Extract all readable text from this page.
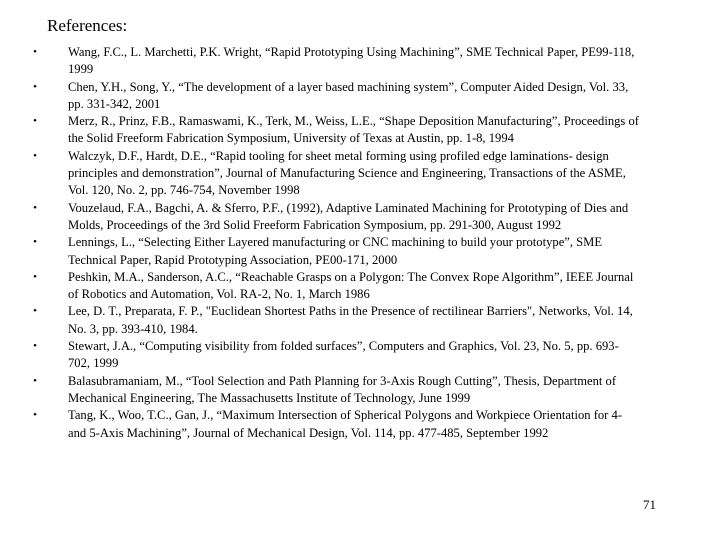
References:
• Wang, F.C., L. Marchetti, P.K. Wright, “Rapid Prototyping Using Machining”, SME Technical Paper, PE99-118, 1999
• Chen, Y.H., Song, Y., “The development of a layer based machining system”, Computer Aided Design, Vol. 33, pp. 331-342, 2001
• Merz, R., Prinz, F.B., Ramaswami, K., Terk, M., Weiss, L.E., “Shape Deposition Manufacturing”, Proceedings of the Solid Freeform Fabrication Symposium, University of Texas at Austin, pp. 1-8, 1994
• Walczyk, D.F., Hardt, D.E., “Rapid tooling for sheet metal forming using profiled edge laminations- design principles and demonstration”, Journal of Manufacturing Science and Engineering, Transactions of the ASME, Vol. 120, No. 2, pp. 746-754, November 1998
• Vouzelaud, F.A., Bagchi, A. & Sferro, P.F., (1992), Adaptive Laminated Machining for Prototyping of Dies and Molds, Proceedings of the 3rd Solid Freeform Fabrication Symposium, pp. 291-300, August 1992
• Lennings, L., “Selecting Either Layered manufacturing or CNC machining to build your prototype”, SME Technical Paper, Rapid Prototyping Association, PE00-171, 2000
• Peshkin, M.A., Sanderson, A.C., “Reachable Grasps on a Polygon: The Convex Rope Algorithm”, IEEE Journal of Robotics and Automation, Vol. RA-2, No. 1, March 1986
• Lee, D. T., Preparata, F. P., "Euclidean Shortest Paths in the Presence of rectilinear Barriers", Networks, Vol. 14, No. 3, pp. 393-410, 1984.
• Stewart, J.A., “Computing visibility from folded surfaces”, Computers and Graphics, Vol. 23, No. 5, pp. 693-702, 1999
• Balasubramaniam, M., “Tool Selection and Path Planning for 3-Axis Rough Cutting”, Thesis, Department of Mechanical Engineering, The Massachusetts Institute of Technology, June 1999
• Tang, K., Woo, T.C., Gan, J., “Maximum Intersection of Spherical Polygons and Workpiece Orientation for 4- and 5-Axis Machining”, Journal of Mechanical Design, Vol. 114, pp. 477-485, September 1992
71
